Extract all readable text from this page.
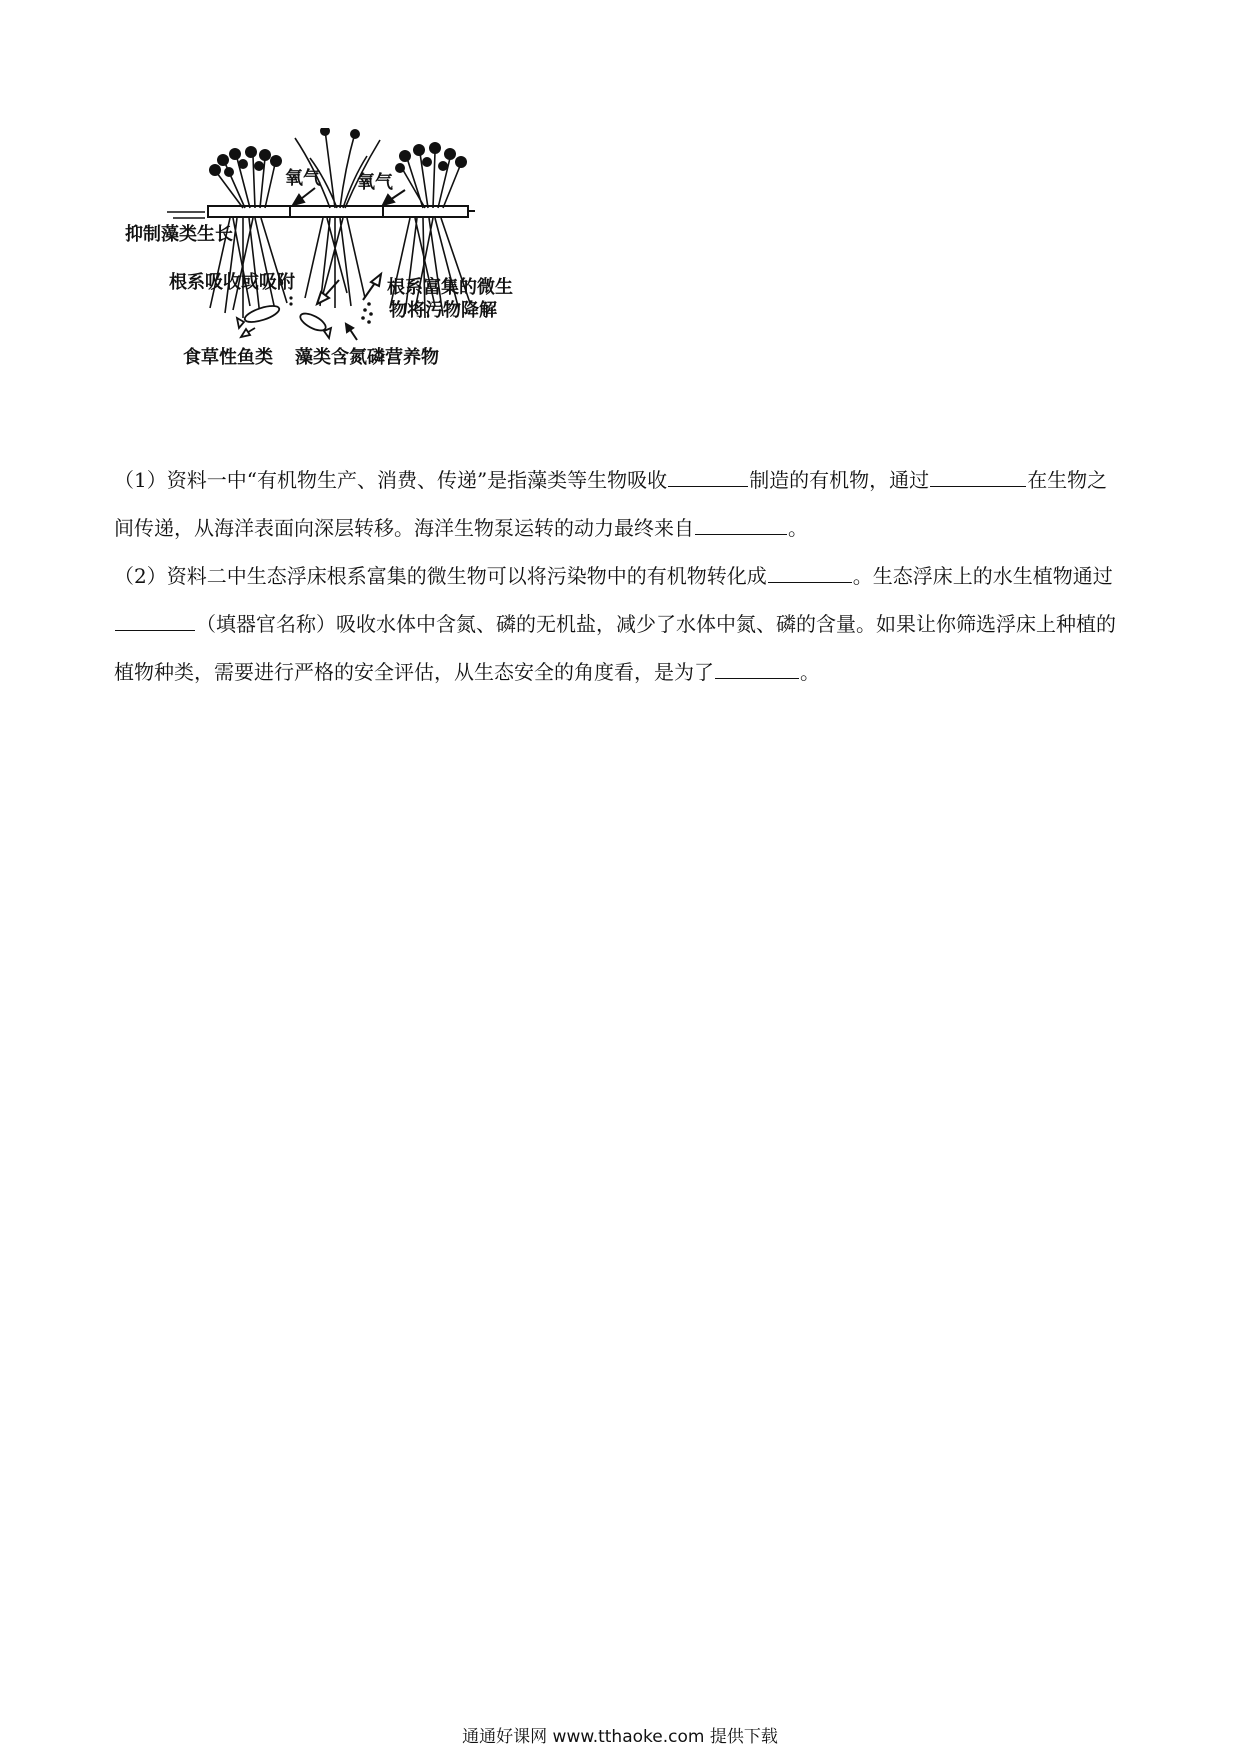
氧气 氧气
抑制藻类生长
根系吸收或吸附	根系富集的微生
物将污物降解
食草性鱼类 藻类含氮磷营养物

（1）资料一中“有机物生产、消费、传递”是指藻类等生物吸收	制造的有机物，通过	在生物之间传递，从海洋表面向深层转移。海洋生物泵运转的动力最终来自	。

（2）资料二中生态浮床根系富集的微生物可以将污染物中的有机物转化成	。生态浮床上的水生植物通过（填器官名称）吸收水体中含氮、磷的无机盐，减少了水体中氮、磷的含量。如果让你筛选浮床上种植的植物种类，需要进行严格的安全评估，从生态安全的角度看，是为了	。

通通好课网 www.tthaoke.com 提供下载
